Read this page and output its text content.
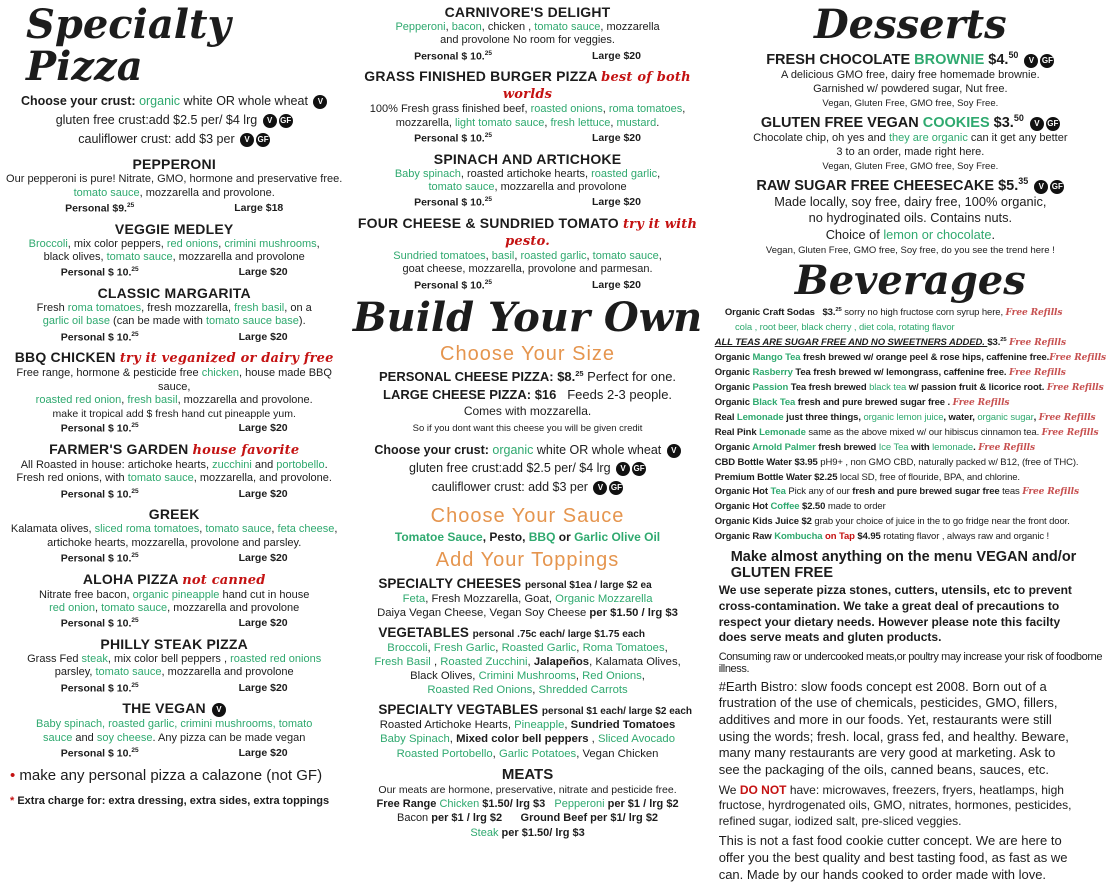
Specialty Pizza
Choose your crust: organic white OR whole wheat V
gluten free crust:add $2.5 per/ $4 lrg V GF
cauliflower crust: add $3 per V GF
PEPPERONI

Our pepperoni is pure! Nitrate, GMO, hormone and preservative free.
tomato sauce, mozzarella and provolone.

Personal $9.25	Large $18
VEGGIE MEDLEY

Broccoli, mix color peppers, red onions, crimini mushrooms,
black olives, tomato sauce, mozzarella and provolone

Personal $ 10.25	Large $20
CLASSIC MARGARITA

Fresh roma tomatoes, fresh mozzarella, fresh basil, on a
garlic oil base (can be made with tomato sauce base).

Personal $ 10.25	Large $20
BBQ CHICKEN try it veganized or dairy free

Free range, hormone & pesticide free chicken, house made BBQ sauce,
roasted red onion, fresh basil, mozzarella and provolone.

make it tropical add $ fresh hand cut pineapple yum.

Personal $ 10.25	Large $20
FARMER'S GARDEN house favorite

All Roasted in house: artichoke hearts, zucchini and portobello.
Fresh red onions, with tomato sauce, mozzarella, and provolone.

Personal $ 10.25	Large $20
GREEK

Kalamata olives, sliced roma tomatoes, tomato sauce, feta cheese,
artichoke hearts, mozzarella, provolone and parsley.

Personal $ 10.25	Large $20
ALOHA PIZZA not canned

Nitrate free bacon, organic pineapple hand cut in house
red onion, tomato sauce, mozzarella and provolone

Personal $ 10.25	Large $20
PHILLY STEAK PIZZA

Grass Fed steak, mix color bell peppers , roasted red onions
parsley, tomato sauce, mozzarella and provolone

Personal $ 10.25	Large $20
THE VEGAN V

Baby spinach, roasted garlic, crimini mushrooms, tomato
sauce and soy cheese. Any pizza can be made vegan

Personal $ 10.25	Large $20

• make any personal pizza a calazone (not GF)

* Extra charge for: extra dressing, extra sides, extra toppings

CARNIVORE'S DELIGHT

Pepperoni, bacon, chicken , tomato sauce, mozzarella
and provolone No room for veggies.

Personal $ 10.25	Large $20
GRASS FINISHED BURGER PIZZA best of both worlds

100% Fresh grass finished beef, roasted onions, roma tomatoes,
mozzarella, light tomato sauce, fresh lettuce, mustard.

Personal $ 10.25	Large $20
SPINACH AND ARTICHOKE

Baby spinach, roasted artichoke hearts, roasted garlic,
tomato sauce, mozzarella and provolone

Personal $ 10.25	Large $20
FOUR CHEESE & SUNDRIED TOMATO try it with pesto.

Sundried tomatoes, basil, roasted garlic, tomato sauce,
goat cheese, mozzarella, provolone and parmesan.

Personal $ 10.25	Large $20
Build Your Own
Choose Your Size
PERSONAL CHEESE PIZZA: $8.25 Perfect for one.
LARGE CHEESE PIZZA: $16   Feeds 2-3 people.
Comes with mozzarella.
So if you dont want this cheese you will be given credit
Choose your crust: organic white OR whole wheat V
gluten free crust:add $2.5 per/ $4 lrg V GF
cauliflower crust: add $3 per V GF
Choose Your Sauce
Tomatoe Sauce, Pesto, BBQ or Garlic Olive Oil
Add Your Toppings
SPECIALTY CHEESES personal $1ea / large $2 ea
Feta, Fresh Mozzarella, Goat, Organic Mozzarella
Daiya Vegan Cheese, Vegan Soy Cheese per $1.50 / lrg $3
VEGETABLES personal .75c each/ large $1.75 each
Broccoli, Fresh Garlic, Roasted Garlic, Roma Tomatoes,
Fresh Basil , Roasted Zucchini, Jalapeños, Kalamata Olives,
Black Olives, Crimini Mushrooms, Red Onions,
Roasted Red Onions, Shredded Carrots
SPECIALTY VEGTABLES personal $1 each/ large $2 each
Roasted Artichoke Hearts, Pineapple, Sundried Tomatoes
Baby Spinach, Mixed color bell peppers , Sliced Avocado
Roasted Portobello, Garlic Potatoes, Vegan Chicken
MEATS

Our meats are hormone, preservative, nitrate and pesticide free.

Free Range Chicken $1.50/ lrg $3 Pepperoni per $1 / lrg $2
Bacon per $1 / lrg $2 Ground Beef per $1/ lrg $2
Steak per $1.50/ lrg $3
Desserts
FRESH CHOCOLATE BROWNIE $4.50 V GF
A delicious GMO free, dairy free homemade brownie.
Garnished w/ powdered sugar, Nut free.
Vegan, Gluten Free, GMO free, Soy Free.
GLUTEN FREE VEGAN COOKIES $3.50 V GF
Chocolate chip, oh yes and they are organic can it get any better
3 to an order, made right here.
Vegan, Gluten Free, GMO free, Soy Free.
RAW SUGAR FREE CHEESECAKE $5.35 V GF
Made locally, soy free, dairy free, 100% organic,
no hydroginated oils. Contains nuts.
Choice of lemon or chocolate.
Vegan, Gluten Free, GMO free, Soy free, do you see the trend here !
Beverages
Organic Craft Sodas $3.25 sorry no high fructose corn syrup here, Free Refills
cola , root beer, black cherry , diet cola, rotating flavor
ALL TEAS ARE SUGAR FREE AND NO SWEETNERS ADDED. $3.25 Free Refills
Organic Mango Tea fresh brewed w/ orange peel & rose hips, caffenine free.Free Refills
Organic Rasberry Tea fresh brewed w/ lemongrass, caffenine free. Free Refills
Organic Passion Tea fresh brewed black tea w/ passion fruit & licorice root. Free Refills
Organic Black Tea fresh and pure brewed sugar free . Free Refills
Real Lemonade just three things, organic lemon juice, water, organic sugar, Free Refills
Real Pink Lemonade same as the above mixed w/ our hibiscus cinnamon tea. Free Refills
Organic Arnold Palmer fresh brewed Ice Tea with lemonade. Free Refills
CBD Bottle Water $3.95 pH9+ , non GMO CBD, naturally packed w/ B12, (free of THC).
Premium Bottle Water $2.25 local SD, free of flouride, BPA, and chlorine.
Organic Hot Tea Pick any of our fresh and pure brewed sugar free teas Free Refills
Organic Hot Coffee $2.50 made to order
Organic Kids Juice $2 grab your choice of juice in the to go fridge near the front door.
Organic Raw Kombucha on Tap $4.95 rotating flavor , always raw and organic !

Make almost anything on the menu VEGAN and/or GLUTEN FREE

We use seperate pizza stones, cutters, utensils, etc to prevent cross-contamination. We take a great deal of precautions to respect your dietary needs. However please note this facilty does serve meats and gluten products.

Consuming raw or undercooked meats,or poultry may increase your risk of foodborne illness.

#Earth Bistro: slow foods concept est 2008. Born out of a frustration of the use of chemicals, pesticides, GMO, fillers, additives and more in our foods. Yet, restaurants were still using the words; fresh. local, grass fed, and healthy. Beware, many many restaurants are very good at marketing. Ask to see the packaging of the oils, canned beans, sauces, etc.

We DO NOT have: microwaves, freezers, fryers, heatlamps, high fructose, hyrdrogenated oils, GMO, nitrates, hormones, pesticides, refined sugar, iodized salt, pre-sliced veggies.

This is not a fast food cookie cutter concept. We are here to offer you the best quality and best tasting food, as fast as we can. Made by our hands cooked to order made with love.
